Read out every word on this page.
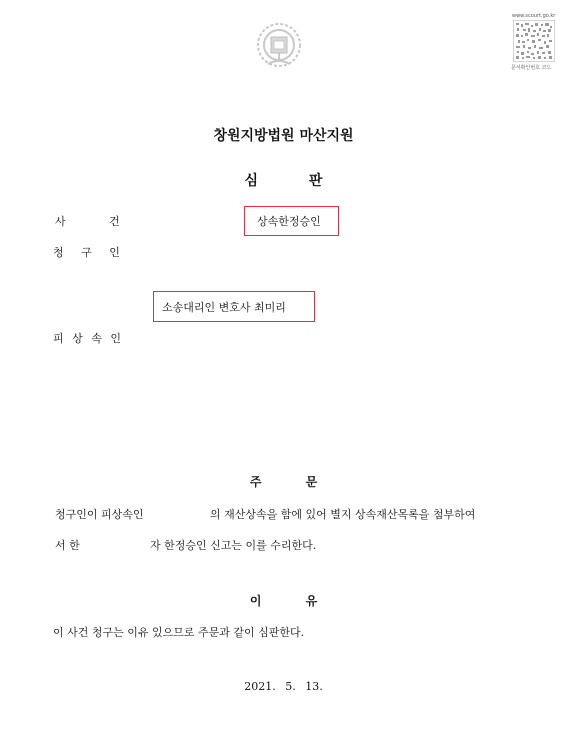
www.scourt.go.kr
문서확인번호 코드
창원지방법원 마산지원
심 판
사 건	상속한정승인
청 구 인
소송대리인 변호사 최미리
피 상 속 인
주 문
청구인이 피상속인	의 재산상속을 함에 있어 별지 상속재산목록을 첨부하여
서 한	자 한정승인 신고는 이를 수리한다.
이 유
이 사건 청구는 이유 있으므로 주문과 같이 심판한다.
2021. 5. 13.
